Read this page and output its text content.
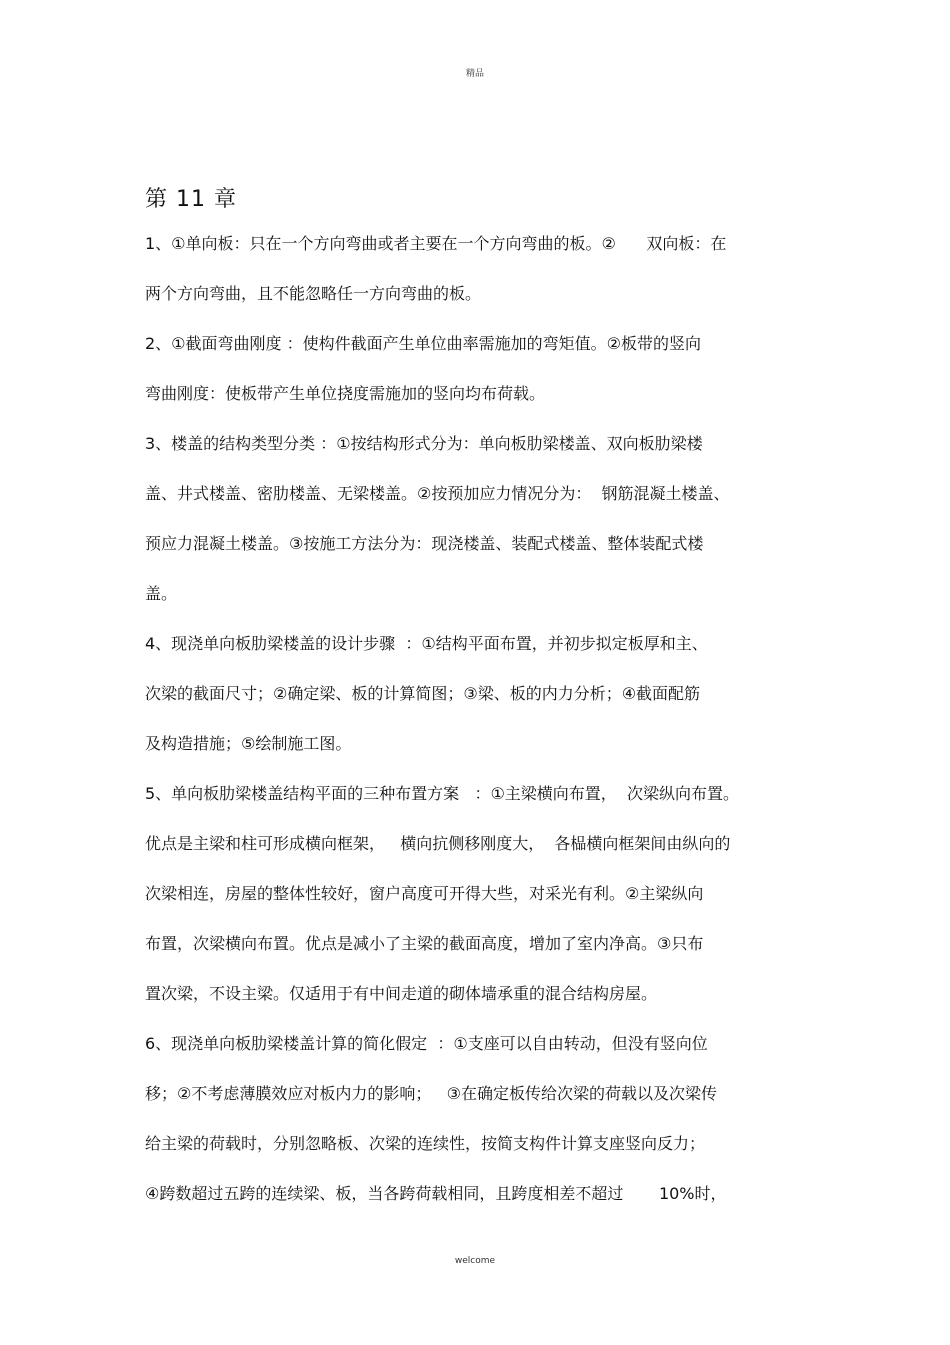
精品
第 11 章
1、①单向板：只在一个方向弯曲或者主要在一个方向弯曲的板。②      双向板：在
两个方向弯曲，且不能忽略任一方向弯曲的板。
2、①截面弯曲刚度 ：使构件截面产生单位曲率需施加的弯矩值。②板带的竖向
弯曲刚度：使板带产生单位挠度需施加的竖向均布荷载。
3、楼盖的结构类型分类 ：①按结构形式分为：单向板肋梁楼盖、双向板肋梁楼
盖、井式楼盖、密肋楼盖、无梁楼盖。②按预加应力情况分为：  钢筋混凝土楼盖、
预应力混凝土楼盖。③按施工方法分为：现浇楼盖、装配式楼盖、整体装配式楼
盖。
4、现浇单向板肋梁楼盖的设计步骤  ：①结构平面布置，并初步拟定板厚和主、
次梁的截面尺寸；②确定梁、板的计算简图；③梁、板的内力分析；④截面配筋
及构造措施；⑤绘制施工图。
5、单向板肋梁楼盖结构平面的三种布置方案   ：①主梁横向布置，  次梁纵向布置。
优点是主梁和柱可形成横向框架，   横向抗侧移刚度大，  各榀横向框架间由纵向的
次梁相连，房屋的整体性较好，窗户高度可开得大些，对采光有利。②主梁纵向
布置，次梁横向布置。优点是减小了主梁的截面高度，增加了室内净高。③只布
置次梁，不设主梁。仅适用于有中间走道的砌体墙承重的混合结构房屋。
6、现浇单向板肋梁楼盖计算的简化假定  ：①支座可以自由转动，但没有竖向位
移；②不考虑薄膜效应对板内力的影响；   ③在确定板传给次梁的荷载以及次梁传
给主梁的荷载时，分别忽略板、次梁的连续性，按简支构件计算支座竖向反力；
④跨数超过五跨的连续梁、板，当各跨荷载相同，且跨度相差不超过       10%时，
welcome
